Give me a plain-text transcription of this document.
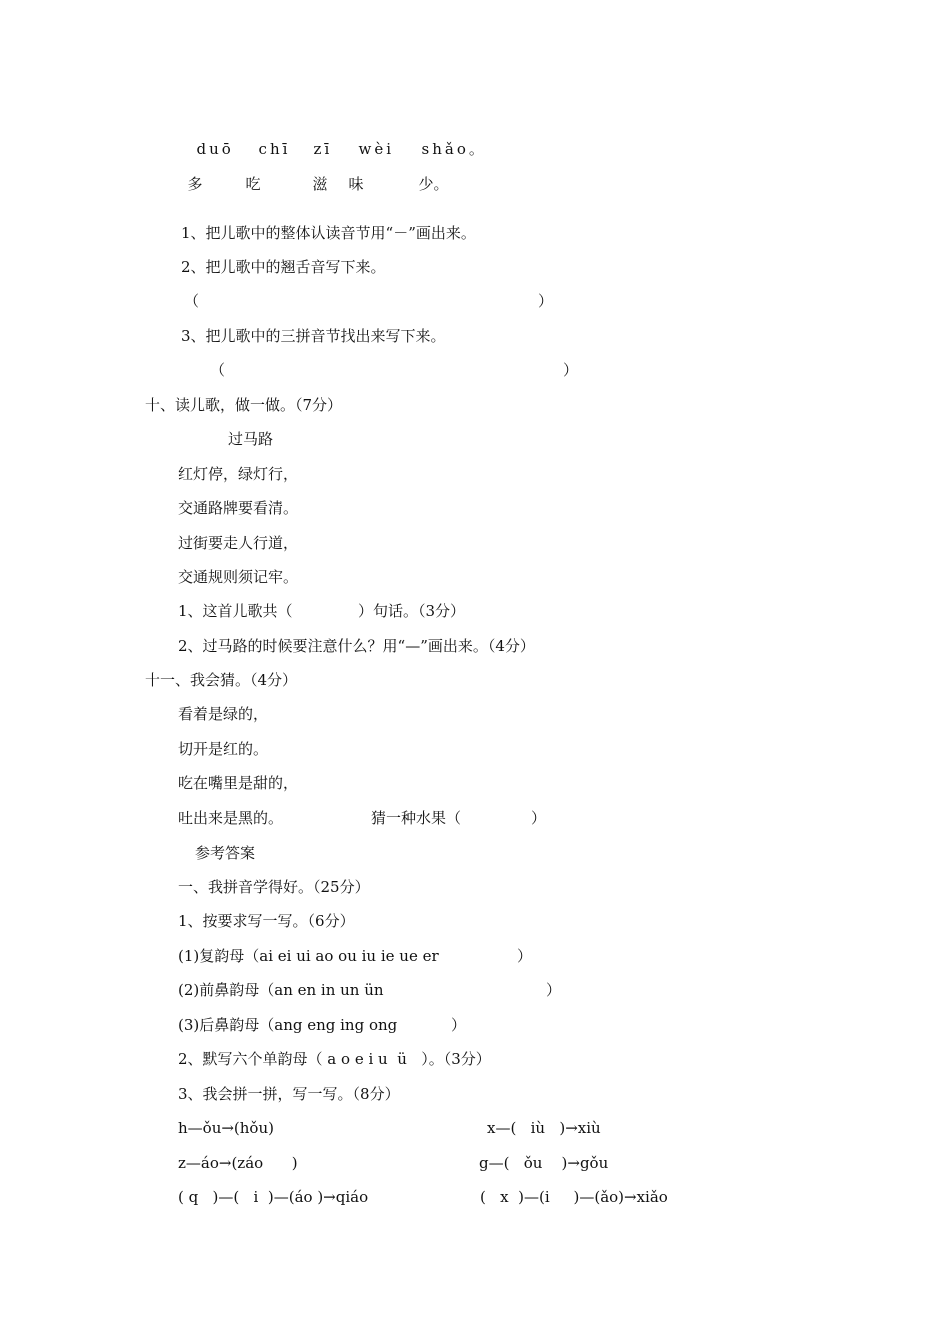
duō chī zī wèi shǎo。

多	吃	滋 味	少。

1、把儿歌中的整体认读音节用“－”画出来。
2、把儿歌中的翘舌音写下来。
（	）
3、把儿歌中的三拼音节找出来写下来。
（	）
十、读儿歌，做一做。（7分）
过马路
红灯停，绿灯行，
交通路牌要看清。
过街要走人行道，
交通规则须记牢。
1、这首儿歌共（	）句话。（3分）
2、过马路的时候要注意什么？用“—”画出来。（4分）
十一、我会猜。（4分）
看着是绿的，
切开是红的。
吃在嘴里是甜的，
吐出来是黑的。	猜一种水果（	）
参考答案
一、我拼音学得好。（25分）
1、按要求写一写。（6分）
(1)复韵母（ai ei ui ao ou iu ie ue er	）
(2)前鼻韵母（an en in un ün	）
(3)后鼻韵母（ang eng ing ong	）
2、默写六个单韵母（ a o e i u  ü   ）。（3分）
3、我会拼一拼，写一写。（8分）
h—ǒu→(hǒu)	x—(   iù   )→xiù
z—áo→(záo      )	g—(   ǒu    )→gǒu
( q   )—(   i  )—(áo )→qiáo	(   x  )—(i     )—(ǎo)→xiǎo
